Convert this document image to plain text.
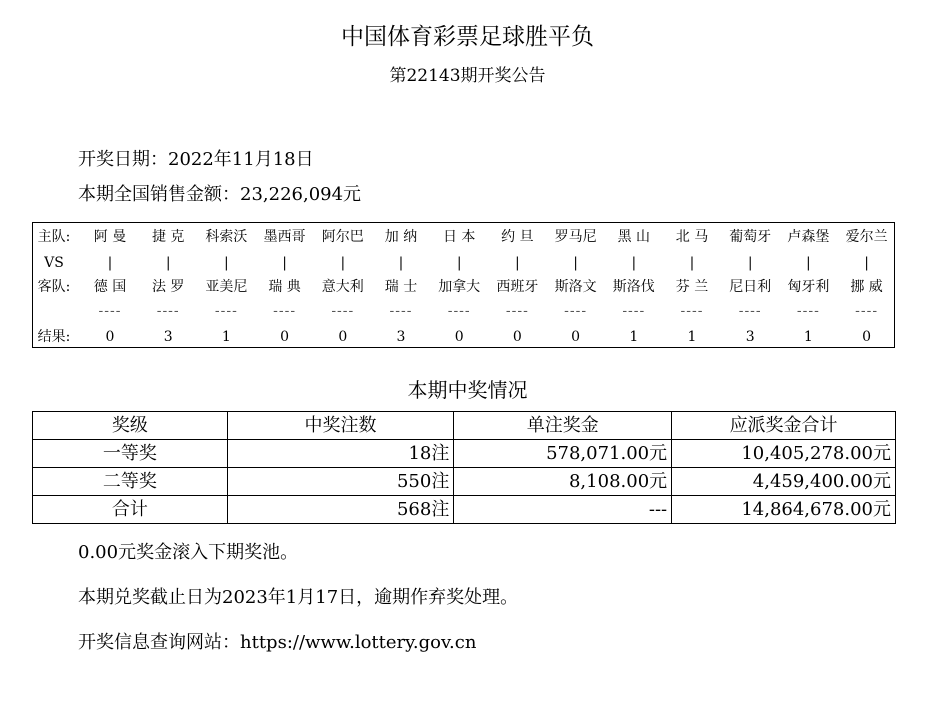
中国体育彩票足球胜平负
第22143期开奖公告
开奖日期：2022年11月18日
本期全国销售金额：23,226,094元
主队:	阿 曼	捷 克	科索沃	墨西哥	阿尔巴	加 纳	日 本	约 旦	罗马尼	黑 山	北 马	葡萄牙	卢森堡	爱尔兰
VS	|	|	|	|	|	|	|	|	|	|	|	|	|	|
客队:	德 国	法 罗	亚美尼	瑞 典	意大利	瑞 士	加拿大	西班牙	斯洛文	斯洛伐	芬 兰	尼日利	匈牙利	挪 威
----	----	----	----	----	----	----	----	----	----	----	----	----	----
结果:	0	3	1	0	0	3	0	0	0	1	1	3	1	0
本期中奖情况
奖级	中奖注数	单注奖金	应派奖金合计
一等奖	18注	578,071.00元	10,405,278.00元
二等奖	550注	8,108.00元	4,459,400.00元
合计	568注	---	14,864,678.00元
0.00元奖金滚入下期奖池。
本期兑奖截止日为2023年1月17日，逾期作弃奖处理。
开奖信息查询网站：https://www.lottery.gov.cn
